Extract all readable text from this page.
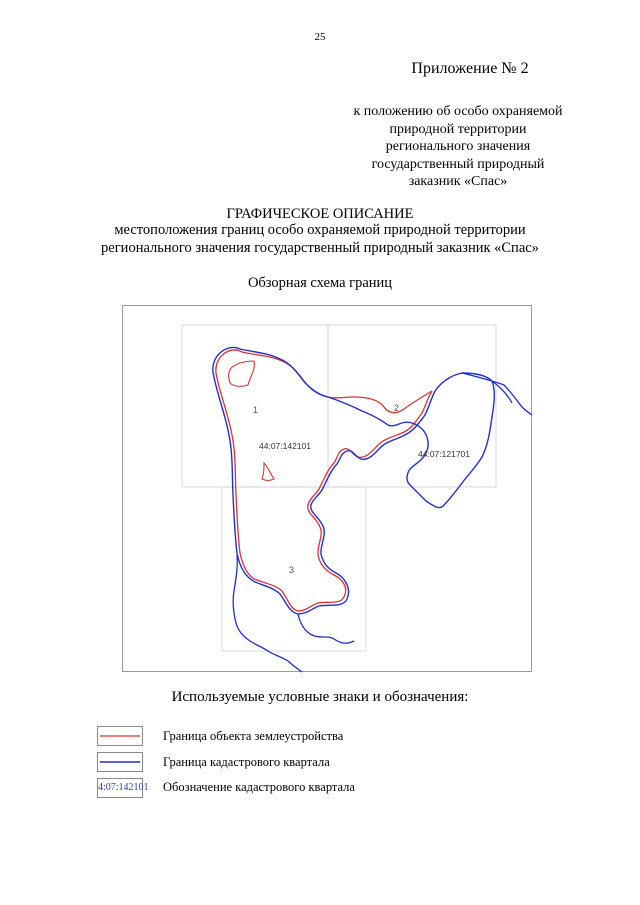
25
Приложение № 2
к положению об особо охраняемой
природной территории
регионального значения
государственный природный
заказник «Спас»
ГРАФИЧЕСКОЕ ОПИСАНИЕ
местоположения границ особо охраняемой природной территории
регионального значения государственный природный заказник «Спас»
Обзорная схема границ
1	2
3
44:07:142101
44:07:121701
Используемые условные знаки и обозначения:
Граница объекта землеустройства
Граница кадастрового квартала
4:07:142101 Обозначение кадастрового квартала
